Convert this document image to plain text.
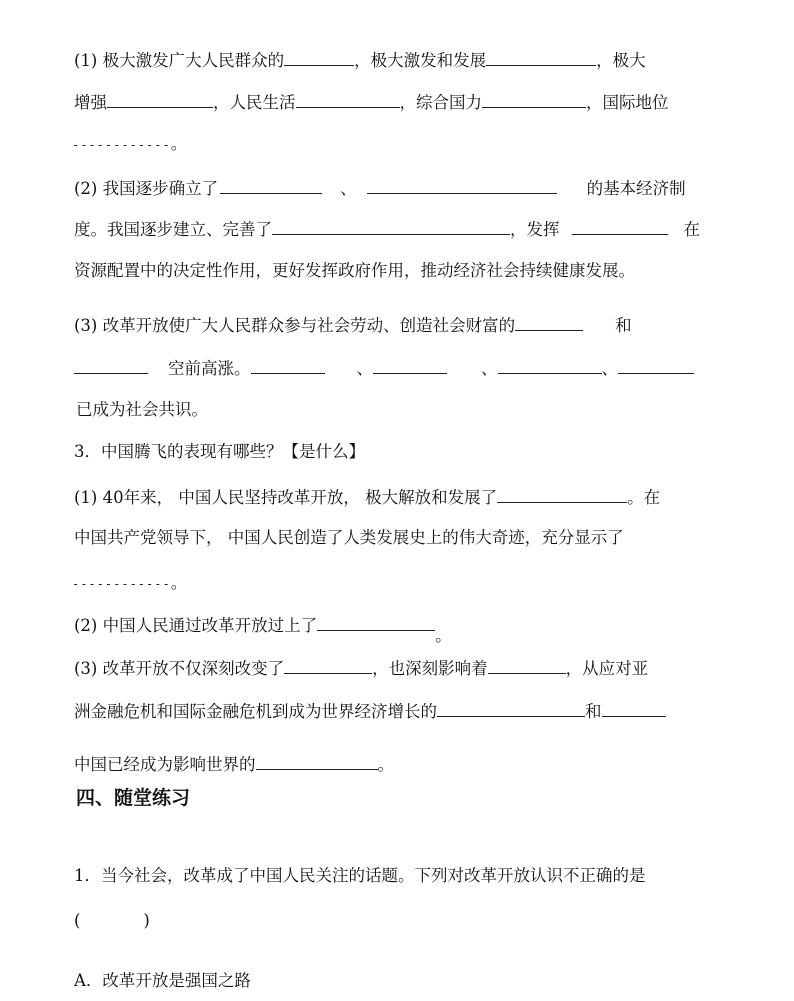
(1) 极大激发广大人民群众的	，极大激发和发展	，极大
增强	，人民生活	，综合国力	，国际地位
------------。
(2) 我国逐步确立了	、	的基本经济制
度。我国逐步建立、完善了	，发挥	在
资源配置中的决定性作用，更好发挥政府作用，推动经济社会持续健康发展。
(3) 改革开放使广大人民群众参与社会劳动、创造社会财富的	和
空前高涨。	、	、	、
已成为社会共识。
3．中国腾飞的表现有哪些？【是什么】
(1) 40年来， 中国人民坚持改革开放， 极大解放和发展了	。在
中国共产党领导下， 中国人民创造了人类发展史上的伟大奇迹，充分显示了
------------。
(2) 中国人民通过改革开放过上了。
(3) 改革开放不仅深刻改变了	，也深刻影响着	，从应对亚
洲金融危机和国际金融危机到成为世界经济增长的	和
中国已经成为影响世界的	。
四、随堂练习
1．当今社会，改革成了中国人民关注的话题。下列对改革开放认识不正确的是
(            )
A．改革开放是强国之路
